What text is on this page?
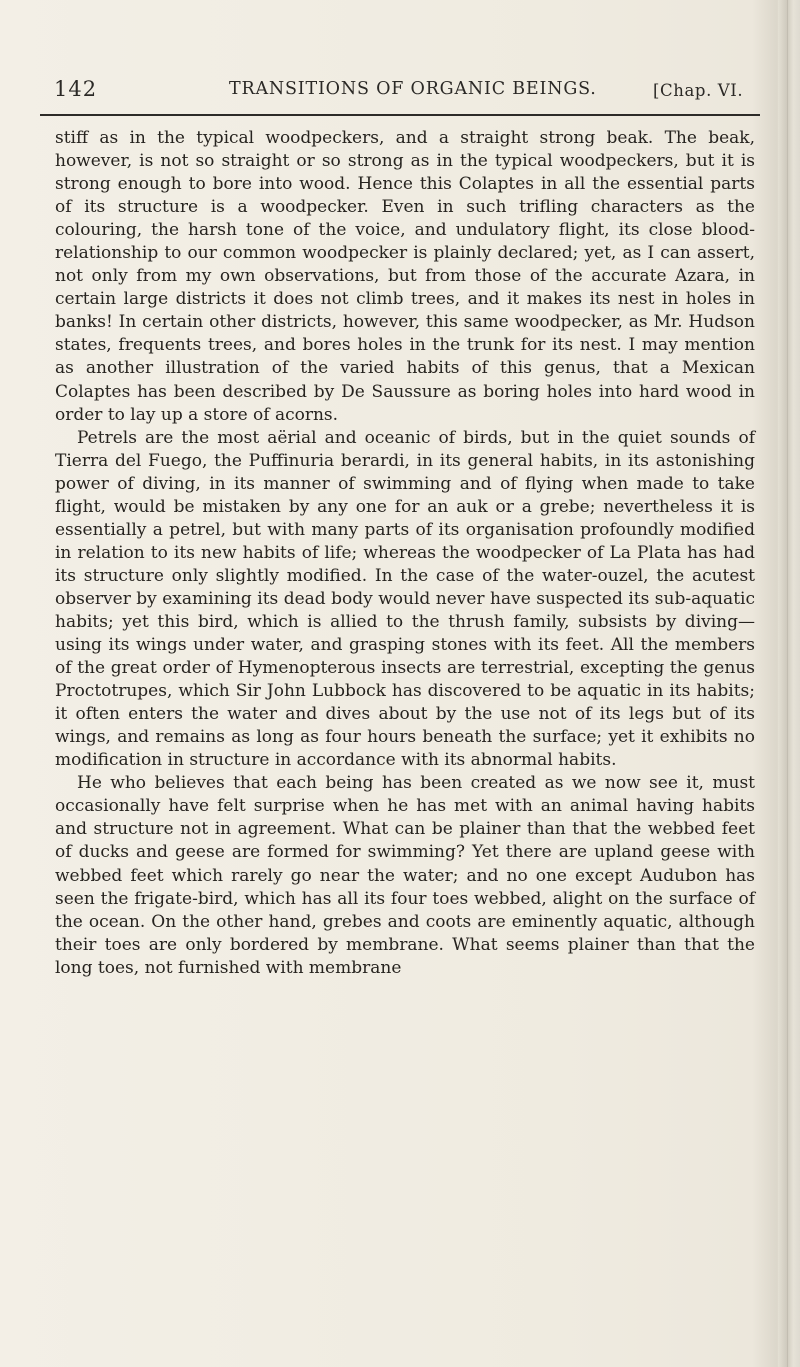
142	TRANSITIONS OF ORGANIC BEINGS.	[Chap. VI.

stiff as in the typical woodpeckers, and a straight strong beak. The beak, however, is not so straight or so strong as in the typical woodpeckers, but it is strong enough to bore into wood. Hence this Colaptes in all the essential parts of its structure is a woodpecker. Even in such trifling characters as the colouring, the harsh tone of the voice, and undulatory flight, its close blood-relationship to our common woodpecker is plainly declared; yet, as I can assert, not only from my own observations, but from those of the accurate Azara, in certain large districts it does not climb trees, and it makes its nest in holes in banks! In certain other districts, however, this same woodpecker, as Mr. Hudson states, frequents trees, and bores holes in the trunk for its nest. I may mention as another illustration of the varied habits of this genus, that a Mexican Colaptes has been described by De Saussure as boring holes into hard wood in order to lay up a store of acorns.

Petrels are the most aërial and oceanic of birds, but in the quiet sounds of Tierra del Fuego, the Puffinuria berardi, in its general habits, in its astonishing power of diving, in its manner of swimming and of flying when made to take flight, would be mistaken by any one for an auk or a grebe; nevertheless it is essentially a petrel, but with many parts of its organisation profoundly modified in relation to its new habits of life; whereas the woodpecker of La Plata has had its structure only slightly modified. In the case of the water-ouzel, the acutest observer by examining its dead body would never have suspected its sub-aquatic habits; yet this bird, which is allied to the thrush family, subsists by diving—using its wings under water, and grasping stones with its feet. All the members of the great order of Hymenopterous insects are terrestrial, excepting the genus Proctotrupes, which Sir John Lubbock has discovered to be aquatic in its habits; it often enters the water and dives about by the use not of its legs but of its wings, and remains as long as four hours beneath the surface; yet it exhibits no modification in structure in accordance with its abnormal habits.

He who believes that each being has been created as we now see it, must occasionally have felt surprise when he has met with an animal having habits and structure not in agreement. What can be plainer than that the webbed feet of ducks and geese are formed for swimming? Yet there are upland geese with webbed feet which rarely go near the water; and no one except Audubon has seen the frigate-bird, which has all its four toes webbed, alight on the surface of the ocean. On the other hand, grebes and coots are eminently aquatic, although their toes are only bordered by membrane. What seems plainer than that the long toes, not furnished with membrane
